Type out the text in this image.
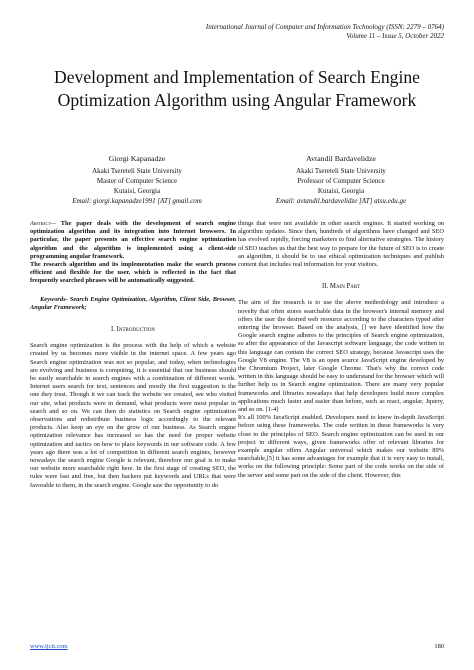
International Journal of Computer and Information Technology (ISSN: 2279 – 0764)
Volume 11 – Issue 5, October 2022
Development and Implementation of Search Engine Optimization Algorithm using Angular Framework
Giorgi Kapanadze
Akaki Tsereteli State University
Master of Computer Science
Kutaisi, Georgia
Email: giorgi.kapanadze1991 [AT] gmail.com
Avtandil Bardavelidze
Akaki Tsereteli State University
Professor of Computer Science
Kutaisi, Georgia
Email: avtandil.bardavelidze [AT] atsu.edu.ge

Abstract— The paper deals with the development of search engine optimization algorithm and its integration into Internet browsers. In particular, the paper presents an effective search engine optimization algorithm and the algorithm is implemented using a client-side programming angular framework.

The research algorithm and its implementation make the search process efficient and flexible for the user, which is reflected in the fact that frequently searched phrases will be automatically suggested.

Keywords- Search Engine Optimization, Algorithm, Client Side, Browser, Angular Framework;

I. Introduction

Search engine optimization is the process with the help of which a website created by us becomes more visible in the internet space. A few years ago Search engine optimization was not so popular, and today, when technologies are evolving and business is computing, it is essential that our business should be easily searchable in search engines with a combination of different words. Internet users search for text, sentences and mostly the first suggestion is the one they trust. Though it we can track the website we created, see who visited our site, what products were in demand, what products were most popular in search and so on. We can then do statistics on Search engine optimization observations and redistribute business logic accordingly to the relevant products. Also keep an eye on the grow of our business. As Search engine optimization relevance has increased so has the need for proper website optimization and tactics on how to place keywords in our software code. A few years ago there was a lot of competition in different search engines, however nowadays the search engine Google is relevant, therefore our goal is to make our website more searchable right here. In the first stage of creating SEO, the rules were fast and free, but then hackers put keywords and URLs that were favorable to them, in the search engine. Google saw the opportunity to do

things that were not available in other search engines. It started working on algorithm updates. Since then, hundreds of algorithms have changed and SEO has evolved rapidly, forcing marketers to find alternative strategies. The history of SEO teaches us that the best way to prepare for the future of SEO is to create an algorithm, it should be to use ethical optimization techniques and publish content that includes real information for your visitors.

II. Main Part

The aim of the research is to use the above methodology and introduce a novelty that often stores searchable data in the browser's internal memory and offers the user the desired web resource according to the characters typed after entering the browser. Based on the analysis, [] we have identified how the Google search engine adheres to the principles of Search engine optimization, so after the appearance of the Javascript software language, the code written in this language can contain the correct SEO strategy, because Javascript uses the Google V8 engine. The V8 is an open source JavaScript engine developed by the Chromium Project, later Google Chrome. That's why the correct code written in this language should be easy to understand for the browser which will further help us in Search engine optimization. There are many very popular frameworks and libraries nowadays that help developers build more complex applications much faster and easier than before, such as react, angular, Jquery, and so on. [1-4]

It's all 100% JavaScript enabled. Developers need to know in-depth JavaScript before using these frameworks. The code written in these frameworks is very close to the principles of SEO. Search engine optimization can be used in our project in different ways, given frameworks offer of relevant libraries for example angular offers Angular universal which makes our website 89% searchable,[5] it has some advantages for example that it is very easy to install, works on the following principle: Some part of the code works on the side of the server and some part on the side of the client. However, this

www.ijcit.com	180
